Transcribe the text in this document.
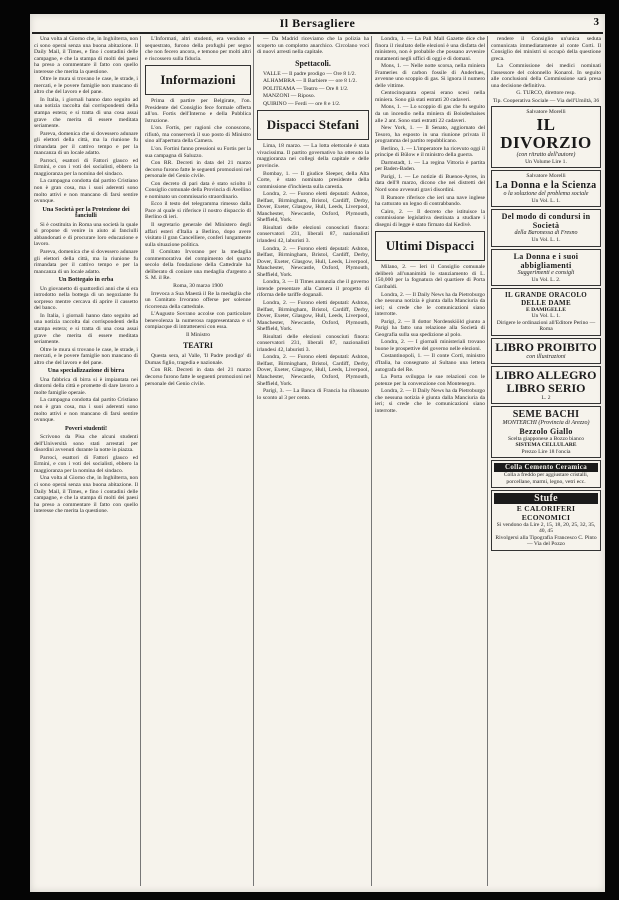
Il Bersagliere	3

Una volta al Giorno che, in Inghilterra, non ci sono operai senza una buona abitazione. Il Daily Mail, il Times, e fino i contadini delle campagne, e che la stampa di molti dei paesi ha preso a commentare il fatto con quello interesse che merita la questione.

Oltre le mura si trovano le case, le strade, i mercati, e le povere famiglie non mancano di altro che del lavoro e del pane.

In Italia, i giornali hanno dato seguito ad una notizia raccolta dai corrispondenti della stampa estera; e si tratta di una cosa assai grave che merita di essere meditata seriamente.

Pareva, domenica che si dovessero adunare gli elettori della città, ma la riunione fu rimandata per il cattivo tempo e per la mancanza di un locale adatto.

Parroci, esattori di Fattori glauco ed Ermini, e con i voti dei socialisti, ebbero la maggioranza per la nomina del sindaco.

La campagna condotta dal partito Cristiano non è gran cosa, ma i suoi aderenti sono molto attivi e non mancano di farsi sentire ovunque.

Una Società per la Protezione dei fanciulli

Si è costituita in Roma una società la quale si propone di venire in aiuto ai fanciulli abbandonati e di procurare loro educazione e lavoro.

Pareva, domenica che si dovessero adunare gli elettori della città, ma la riunione fu rimandata per il cattivo tempo e per la mancanza di un locale adatto.

Un Bottegaio in erba

Un giovanetto di quattordici anni che si era introdotto nella bottega di un negoziante fu sorpreso mentre cercava di aprire il cassetto del banco.

In Italia, i giornali hanno dato seguito ad una notizia raccolta dai corrispondenti della stampa estera; e si tratta di una cosa assai grave che merita di essere meditata seriamente.

Oltre le mura si trovano le case, le strade, i mercati, e le povere famiglie non mancano di altro che del lavoro e del pane.

Una specializzazione di birra

Una fabbrica di birra si è impiantata nei dintorni della città e promette di dare lavoro a molte famiglie operaie.

La campagna condotta dal partito Cristiano non è gran cosa, ma i suoi aderenti sono molto attivi e non mancano di farsi sentire ovunque.

Poveri studenti!

Scrivono da Pisa che alcuni studenti dell'Università sono stati arrestati per disordini avvenuti durante la notte in piazza.

Parroci, esattori di Fattori glauco ed Ermini, e con i voti dei socialisti, ebbero la maggioranza per la nomina del sindaco.

Una volta al Giorno che, in Inghilterra, non ci sono operai senza una buona abitazione. Il Daily Mail, il Times, e fino i contadini delle campagne, e che la stampa di molti dei paesi ha preso a commentare il fatto con quello interesse che merita la questione.

L'Informati, altri studenti, era venduto e sequestrato, furono della profughi per segno che non fecero ancora, e temono per molti altri e riscossero sulla fiducia.

Informazioni

Prima di partire per Belgirate, l'on. Presidente del Consiglio fece formale offerta all'on. Fortis dell'Interno e della Pubblica Istruzione.

L'on. Fortis, per ragioni che conoscono, rifiutò, ma conserverà il suo posto di Ministro sino all'apertura della Camera.

L'on. Fortini fanno pressioni su Fortis per la sua campagna di Saluzzo.

Con RR. Decreti in data del 21 marzo decorso furono fatte le seguenti promozioni nel personale del Genio civile.

Con decreto di pari data è stato sciolto il Consiglio comunale della Provincia di Avellino e nominato un commissario straordinario.

Ecco il testo del telegramma rimesso dalla Pace al quale si riferisce il nostro dispaccio di Berlino di ieri.

Il segretario generale del Ministero degli affari esteri d'Italia a Berlino, dopo avere visitato il gran Cancelliere, conferì lungamente sulla situazione politica.

Il Comitato Irvorano per la medaglia commemorativa del compimento del quarto secolo della fondazione della Cattedrale ha deliberato di coniare una medaglia d'argento a S. M. il Re.

Roma, 30 marzo 1900

Irrevoca a Sua Maestà il Re la medaglia che un Comitato Irvorano offerse per solenne ricorrenza della cattedrale.

L'Augusto Sovrano accolse con particolare benevolenza la numerosa rappresentanza e si compiacque di intrattenersi con essa.

Il Ministro

TEATRI

Questa sera, al Valle, 'Il Padre prodigo' di Dumas figlio, tragedia e nazionale.

Con RR. Decreti in data del 21 marzo decorso furono fatte le seguenti promozioni nel personale del Genio civile.

— Da Madrid riceviamo che la polizia ha scoperto un complotto anarchico. Circolano voci di nuovi arresti nella capitale.

Spettacoli.

VALLE — Il padre prodigo — Ore 8 1/2.

ALHAMBRA — Il Barbiere — ore 8 1/2.

POLITEAMA — Teatro — Ore 8 1/2.

MANZONI — Riposo.

QUIRINO — Ferdi — ore 8 e 1/2.

Dispacci Stefani

Lima, 18 marzo. — La lotta elettorale è stata vivacissima. Il partito governativo ha ottenuto la maggioranza nei collegi della capitale e delle provincie.

Bombay, 1. — Il giudice Sleeper, della Alta Corte, è stato nominato presidente della commissione d'inchiesta sulla carestia.

Londra, 2. — Furono eletti deputati: Ashton, Belfast, Birmingham, Bristol, Cardiff, Derby, Dover, Exeter, Glasgow, Hull, Leeds, Liverpool, Manchester, Newcastle, Oxford, Plymouth, Sheffield, York.

Risultati delle elezioni conosciuti finora: conservatori 231, liberali 87, nazionalisti irlandesi 42, laburisti 3.

Londra, 2. — Furono eletti deputati: Ashton, Belfast, Birmingham, Bristol, Cardiff, Derby, Dover, Exeter, Glasgow, Hull, Leeds, Liverpool, Manchester, Newcastle, Oxford, Plymouth, Sheffield, York.

Londra, 3. — Il Times annunzia che il governo intende presentare alla Camera il progetto di riforma delle tariffe doganali.

Londra, 2. — Furono eletti deputati: Ashton, Belfast, Birmingham, Bristol, Cardiff, Derby, Dover, Exeter, Glasgow, Hull, Leeds, Liverpool, Manchester, Newcastle, Oxford, Plymouth, Sheffield, York.

Risultati delle elezioni conosciuti finora: conservatori 231, liberali 87, nazionalisti irlandesi 42, laburisti 3.

Londra, 2. — Furono eletti deputati: Ashton, Belfast, Birmingham, Bristol, Cardiff, Derby, Dover, Exeter, Glasgow, Hull, Leeds, Liverpool, Manchester, Newcastle, Oxford, Plymouth, Sheffield, York.

Parigi, 3. — La Banca di Francia ha ribassato lo sconto al 3 per cento.

Londra, 1. — La Pall Mall Gazette dice che finora il risultato delle elezioni è una disfatta del ministero, non è probabile che possano avvenire mutamenti negli uffici di oggi e di domani.

Mons, 1. — Nelle notte scorsa, nella miniera Frameries di carbon fossile di Anderlues, avvenne uno scoppio di gas. Si ignora il numero delle vittime.

Centocinquanta operai erano scesi nella miniera. Sono già stati estratti 20 cadaveri.

Mons, 1. — Lo scoppio di gas che fu seguito da un incendio nella miniera di Boisdeshaises alle 2 ant. Sono stati estratti 22 cadaveri.

New York, 1. — Il Senato, aggiornato del Tesoro, ha esposto in una riunione privata il programma del partito repubblicano.

Berlino, 1. — L'imperatore ha ricevuto oggi il principe di Bülow e il ministro della guerra.

Darmstadt, 1. — La regina Vittoria è partita per Baden-Baden.

Parigi, 1. — Le notizie di Buenos-Ayres, in data dell'8 marzo, dicono che nei distretti del Nord sono avvenuti gravi disordini.

Il Rumore riferisce che ieri una nave inglese ha catturato un legno di contrabbando.

Cairo, 2. — Il decreto che istituisce la commissione legislativa destinata a studiare i disegni di legge è stato firmato dal Kedivè.

Ultimi Dispacci

Milano, 2. — Ieri il Consiglio comunale deliberò all'unanimità lo stanziamento di L. 150,000 per la fognatura del quartiere di Porta Garibaldi.

Londra, 2. — Il Daily News ha da Pietroburgo che nessuna notizia è giunta dalla Manciuria da ieri; si crede che le comunicazioni siano interrotte.

Parigi, 2. — Il dottor Nordenskiöld giunto a Parigi ha fatto una relazione alla Società di Geografia sulla sua spedizione al polo.

Londra, 2. — I giornali ministeriali trovano buone le prospettive del governo nelle elezioni.

Costantinopoli, 1. — Il conte Corti, ministro d'Italia, ha consegnato al Sultano una lettera autografa del Re.

La Porta sviluppa le sue relazioni con le potenze per la convenzione con Montenegro.

Londra, 2. — Il Daily News ha da Pietroburgo che nessuna notizia è giunta dalla Manciuria da ieri; si crede che le comunicazioni siano interrotte.

rendere il Consiglio un'unica seduta comunicata immediatamente al conte Corti. Il Consiglio dei ministri si occupò della questione greca.

La Commissione dei medici nominati l'assessore del colonnello Konarol. In seguito alle conclusioni della Commissione sarà presa una decisione definitiva.

G. TURCO, direttore resp.

Tip. Cooperativa Sociale — Via dell'Umiltà, 36

Salvatore Morelli
IL DIVORZIO
(con ritratto dell'autore)
Un Volume Lire 1.
Salvatore Morelli
La Donna e la Scienza
o la soluzione del problema sociale
Un Vol. L. 1.
Del modo di condursi in Società
della Baronessa di Fresno
Un Vol. L. 1.
La Donna e i suoi abbigliamenti
Suggerimenti e consigli
Un Vol. L. 2.
IL GRANDE ORACOLO DELLE DAME
E DAMIGELLE
Un Vol. L. 1.
Dirigere le ordinazioni all'Editore Perino — Roma
LIBRO PROIBITO
con illustrazioni
LIBRO ALLEGRO
LIBRO SERIO
L. 2
SEME BACHI
MONTERCHI (Provincia di Arezzo)
Bezzolo Giallo
Scelta giapponese a Bozzo bianco
SISTEMA CELLULARE
Prezzo Lire 18 l'oncia
Colla Cemento Ceramica
Colla a freddo per aggiustare cristalli, porcellane, marmi, legno, vetri ecc.
Stufe
E CALORIFERI ECONOMICI
Si vendono da Lire 2, 15, 18, 20, 25, 32, 35, 40, 45
Rivolgersi alla Tipografia Francesco C. Pinto — Via del Pozzo
